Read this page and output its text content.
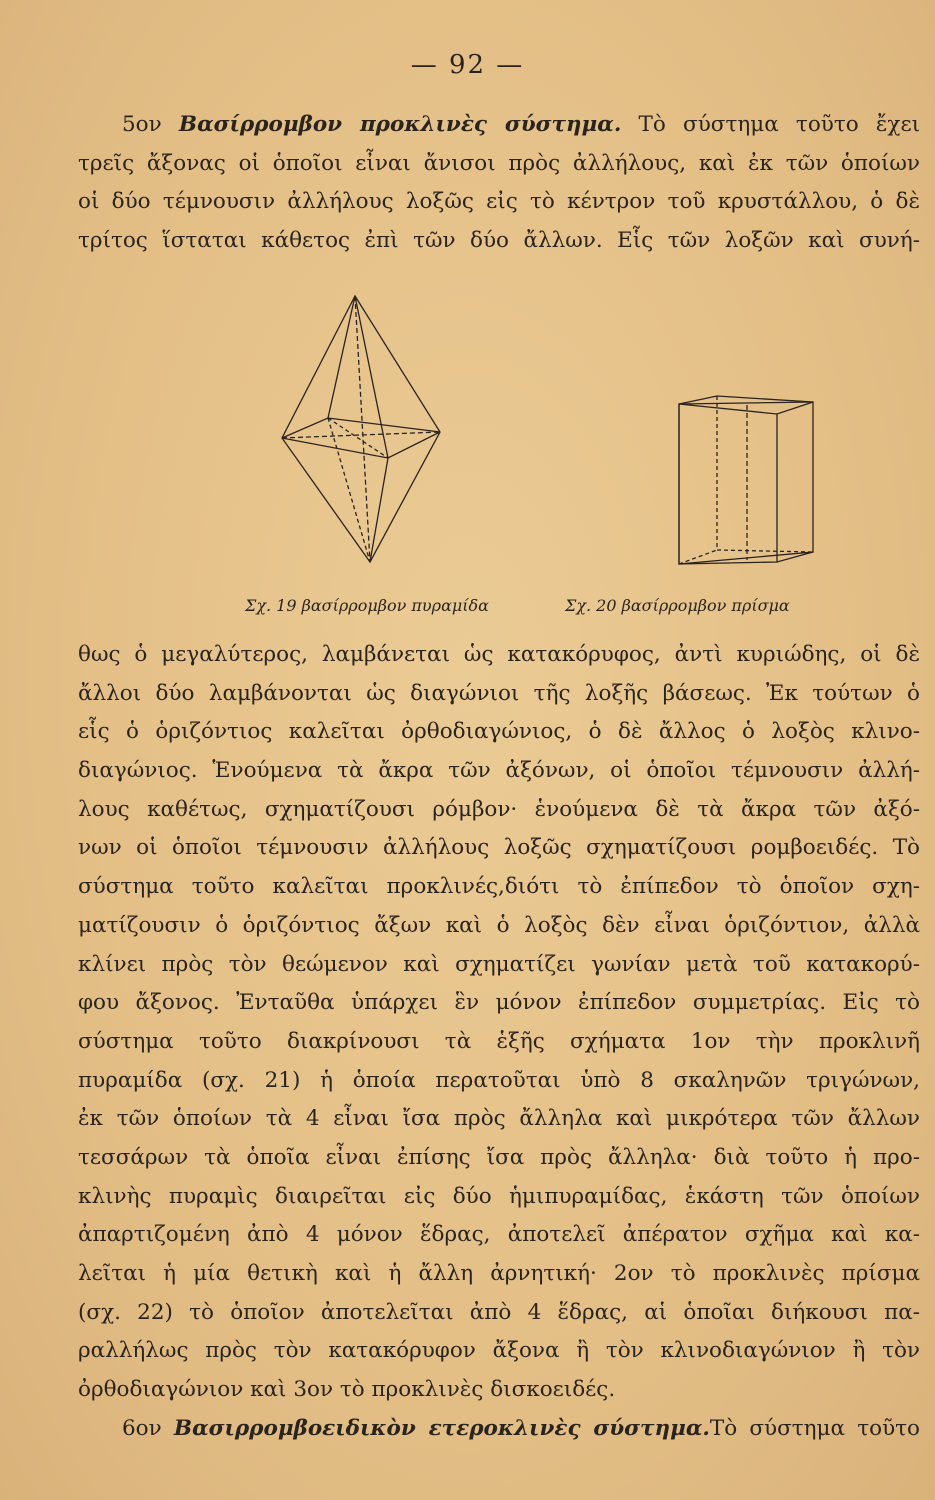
— 92 —
5ον Βασίρρομβον προκλινὲς σύστημα. Τὸ σύστημα τοῦτο ἔχει
τρεῖς ἄξονας οἱ ὁποῖοι εἶναι ἄνισοι πρὸς ἀλλήλους, καὶ ἐκ τῶν ὁποίων
οἱ δύο τέμνουσιν ἀλλήλους λοξῶς εἰς τὸ κέντρον τοῦ κρυστάλλου, ὁ δὲ
τρίτος ἵσταται κάθετος ἐπὶ τῶν δύο ἄλλων. Εἷς τῶν λοξῶν καὶ συνή-
Σχ. 19 βασίρρομβον πυραμίδα	Σχ. 20 βασίρρομβον πρίσμα
θως ὁ μεγαλύτερος, λαμβάνεται ὡς κατακόρυφος, ἀντὶ κυριώδης, οἱ δὲ
ἄλλοι δύο λαμβάνονται ὡς διαγώνιοι τῆς λοξῆς βάσεως. Ἐκ τούτων ὁ
εἷς ὁ ὁριζόντιος καλεῖται ὀρθοδιαγώνιος, ὁ δὲ ἄλλος ὁ λοξὸς κλινο-
διαγώνιος. Ἑνούμενα τὰ ἄκρα τῶν ἀξόνων, οἱ ὁποῖοι τέμνουσιν ἀλλή-
λους καθέτως, σχηματίζουσι ρόμβον· ἑνούμενα δὲ τὰ ἄκρα τῶν ἀξό-
νων οἱ ὁποῖοι τέμνουσιν ἀλλήλους λοξῶς σχηματίζουσι ρομβοειδές. Τὸ
σύστημα τοῦτο καλεῖται προκλινές,διότι τὸ ἐπίπεδον τὸ ὁποῖον σχη-
ματίζουσιν ὁ ὁριζόντιος ἄξων καὶ ὁ λοξὸς δὲν εἶναι ὁριζόντιον, ἀλλὰ
κλίνει πρὸς τὸν θεώμενον καὶ σχηματίζει γωνίαν μετὰ τοῦ κατακορύ-
φου ἄξονος. Ἐνταῦθα ὑπάρχει ἓν μόνον ἐπίπεδον συμμετρίας. Εἰς τὸ
σύστημα τοῦτο διακρίνουσι τὰ ἑξῆς σχήματα 1ον τὴν προκλινῆ
πυραμίδα (σχ. 21) ἡ ὁποία περατοῦται ὑπὸ 8 σκαληνῶν τριγώνων,
ἐκ τῶν ὁποίων τὰ 4 εἶναι ἴσα πρὸς ἄλληλα καὶ μικρότερα τῶν ἄλλων
τεσσάρων τὰ ὁποῖα εἶναι ἐπίσης ἴσα πρὸς ἄλληλα· διὰ τοῦτο ἡ προ-
κλινὴς πυραμὶς διαιρεῖται εἰς δύο ἡμιπυραμίδας, ἑκάστη τῶν ὁποίων
ἀπαρτιζομένη ἀπὸ 4 μόνον ἕδρας, ἀποτελεῖ ἀπέρατον σχῆμα καὶ κα-
λεῖται ἡ μία θετικὴ καὶ ἡ ἄλλη ἀρνητική· 2ον τὸ προκλινὲς πρίσμα
(σχ. 22) τὸ ὁποῖον ἀποτελεῖται ἀπὸ 4 ἕδρας, αἱ ὁποῖαι διήκουσι πα-
ραλλήλως πρὸς τὸν κατακόρυφον ἄξονα ἢ τὸν κλινοδιαγώνιον ἢ τὸν
ὀρθοδιαγώνιον καὶ 3ον τὸ προκλινὲς δισκοειδές.
6ον Βασιρρομβοειδικὸν ετεροκλινὲς σύστημα.Τὸ σύστημα τοῦτο
